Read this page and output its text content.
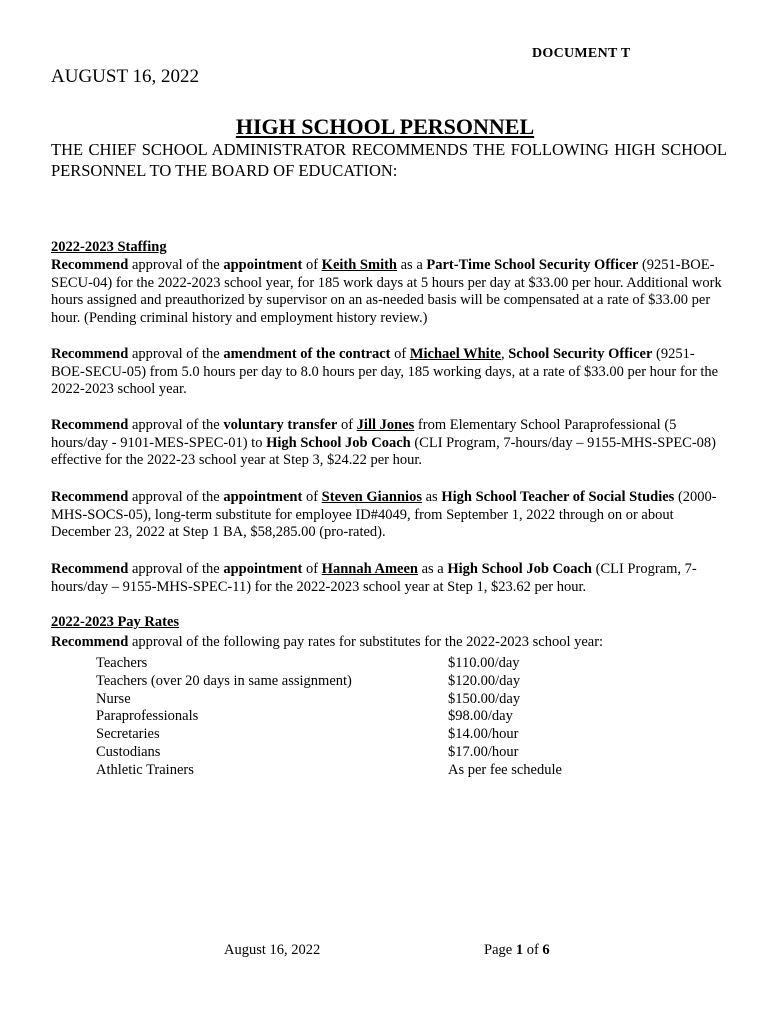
DOCUMENT T
AUGUST 16, 2022
HIGH SCHOOL PERSONNEL
THE CHIEF SCHOOL ADMINISTRATOR RECOMMENDS THE FOLLOWING HIGH SCHOOL PERSONNEL TO THE BOARD OF EDUCATION:
2022-2023 Staffing

Recommend approval of the appointment of Keith Smith as a Part-Time School Security Officer (9251-BOE-SECU-04) for the 2022-2023 school year, for 185 work days at 5 hours per day at $33.00 per hour. Additional work hours assigned and preauthorized by supervisor on an as-needed basis will be compensated at a rate of $33.00 per hour. (Pending criminal history and employment history review.)

Recommend approval of the amendment of the contract of Michael White, School Security Officer (9251-BOE-SECU-05) from 5.0 hours per day to 8.0 hours per day, 185 working days, at a rate of $33.00 per hour for the 2022-2023 school year.

Recommend approval of the voluntary transfer of Jill Jones from Elementary School Paraprofessional (5 hours/day - 9101-MES-SPEC-01) to High School Job Coach (CLI Program, 7-hours/day – 9155-MHS-SPEC-08) effective for the 2022-23 school year at Step 3, $24.22 per hour.

Recommend approval of the appointment of Steven Giannios as High School Teacher of Social Studies (2000-MHS-SOCS-05), long-term substitute for employee ID#4049, from September 1, 2022 through on or about December 23, 2022 at Step 1 BA, $58,285.00 (pro-rated).

Recommend approval of the appointment of Hannah Ameen as a High School Job Coach (CLI Program, 7-hours/day – 9155-MHS-SPEC-11) for the 2022-2023 school year at Step 1, $23.62 per hour.

2022-2023 Pay Rates

Recommend approval of the following pay rates for substitutes for the 2022-2023 school year:

Teachers	$110.00/day
Teachers (over 20 days in same assignment)	$120.00/day
Nurse	$150.00/day
Paraprofessionals	$98.00/day
Secretaries	$14.00/hour
Custodians	$17.00/hour
Athletic Trainers	As per fee schedule
August 16, 2022	Page 1 of 6
